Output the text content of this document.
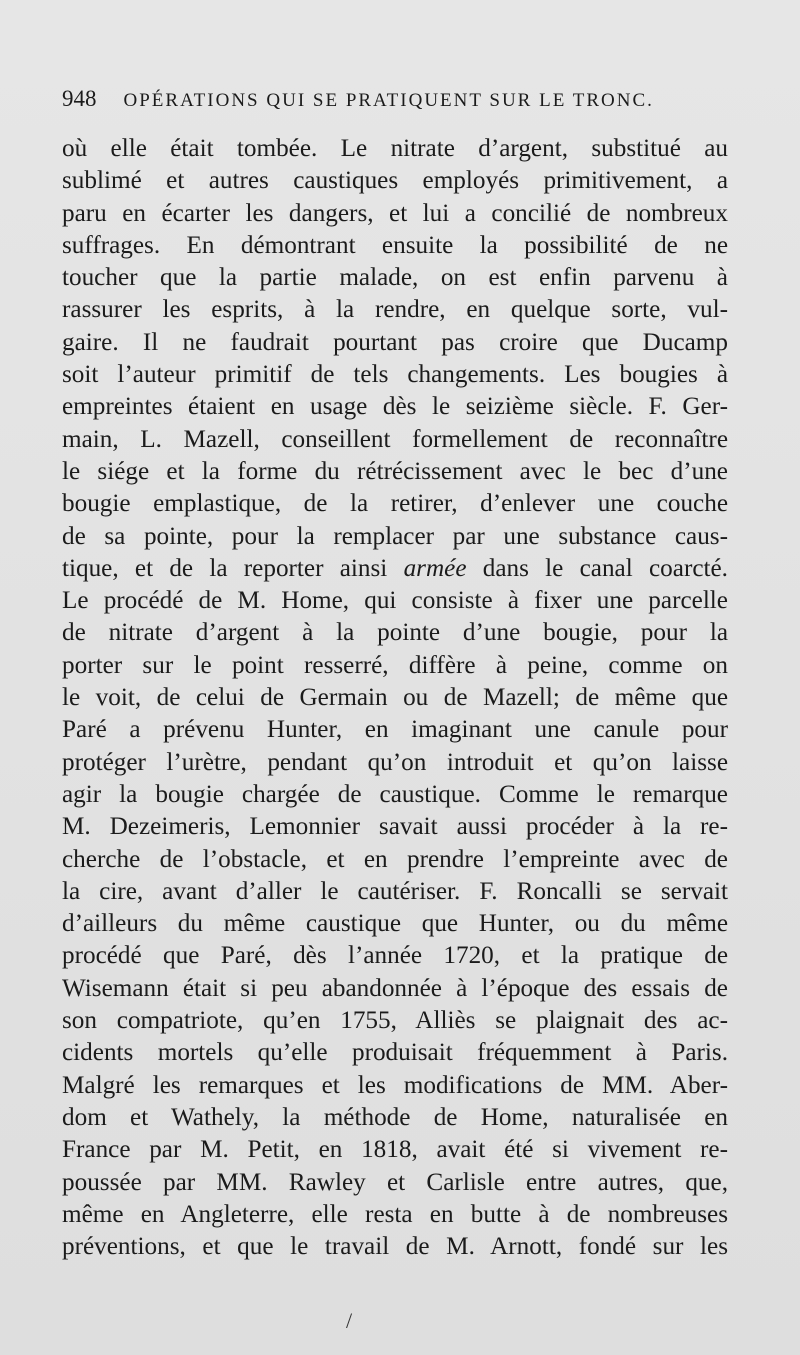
948 OPÉRATIONS QUI SE PRATIQUENT SUR LE TRONC.
où elle était tombée. Le nitrate d’argent, substitué au
sublimé et autres caustiques employés primitivement, a
paru en écarter les dangers, et lui a concilié de nombreux
suffrages. En démontrant ensuite la possibilité de ne
toucher que la partie malade, on est enfin parvenu à
rassurer les esprits, à la rendre, en quelque sorte, vul-
gaire. Il ne faudrait pourtant pas croire que Ducamp
soit l’auteur primitif de tels changements. Les bougies à
empreintes étaient en usage dès le seizième siècle. F. Ger-
main, L. Mazell, conseillent formellement de reconnaître
le siége et la forme du rétrécissement avec le bec d’une
bougie emplastique, de la retirer, d’enlever une couche
de sa pointe, pour la remplacer par une substance caus-
tique, et de la reporter ainsi armée dans le canal coarcté.
Le procédé de M. Home, qui consiste à fixer une parcelle
de nitrate d’argent à la pointe d’une bougie, pour la
porter sur le point resserré, diffère à peine, comme on
le voit, de celui de Germain ou de Mazell; de même que
Paré a prévenu Hunter, en imaginant une canule pour
protéger l’urètre, pendant qu’on introduit et qu’on laisse
agir la bougie chargée de caustique. Comme le remarque
M. Dezeimeris, Lemonnier savait aussi procéder à la re-
cherche de l’obstacle, et en prendre l’empreinte avec de
la cire, avant d’aller le cautériser. F. Roncalli se servait
d’ailleurs du même caustique que Hunter, ou du même
procédé que Paré, dès l’année 1720, et la pratique de
Wisemann était si peu abandonnée à l’époque des essais de
son compatriote, qu’en 1755, Alliès se plaignait des ac-
cidents mortels qu’elle produisait fréquemment à Paris.
Malgré les remarques et les modifications de MM. Aber-
dom et Wathely, la méthode de Home, naturalisée en
France par M. Petit, en 1818, avait été si vivement re-
poussée par MM. Rawley et Carlisle entre autres, que,
même en Angleterre, elle resta en butte à de nombreuses
préventions, et que le travail de M. Arnott, fondé sur les
/
